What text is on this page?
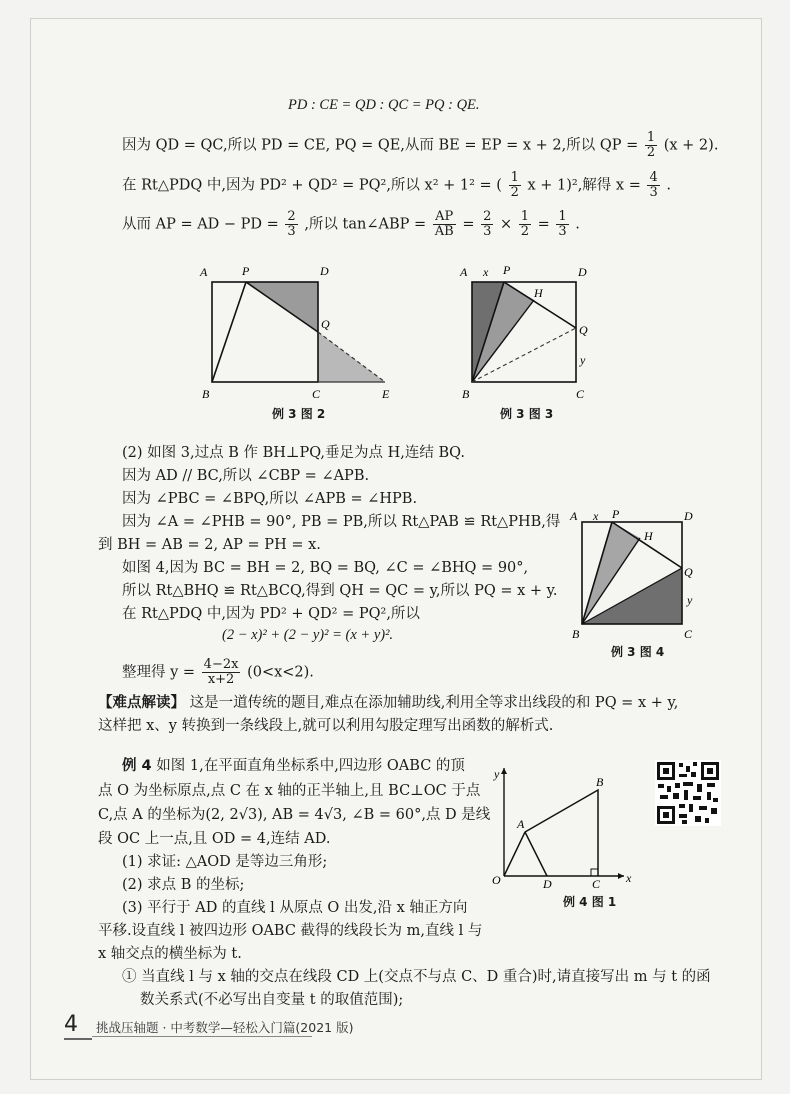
PD : CE = QD : QC = PQ : QE.
因为 QD = QC,所以 PD = CE, PQ = QE,从而 BE = EP = x + 2,所以 QP = $\frac{1}{2} (x + 2)$.
在 Rt△PDQ 中,因为 PD² + QD² = PQ²,所以 x² + 1² = ( $\frac{1}{2}$ x + 1)²,解得 $x = \frac{4}{3}$ .
从而 AP = AD − PD = $\frac{2}{3}$ ,所以 tan∠ABP = $\frac{AP}{AB} = \frac{2}{3} \times \frac{1}{2} = \frac{1}{3}$ .
A	P	D
Q
B	C	E
例 3 图 2
A x P	D
H
Q
y
B	C
例 3 图 3
(2) 如图 3,过点 B 作 BH⊥PQ,垂足为点 H,连结 BQ.
因为 AD // BC,所以 ∠CBP = ∠APB.
因为 ∠PBC = ∠BPQ,所以 ∠APB = ∠HPB.
因为 ∠A = ∠PHB = 90°, PB = PB,所以 Rt△PAB ≌ Rt△PHB,得
到 BH = AB = 2, AP = PH = x.
如图 4,因为 BC = BH = 2, BQ = BQ, ∠C = ∠BHQ = 90°,
所以 Rt△BHQ ≌ Rt△BCQ,得到 QH = QC = y,所以 PQ = x + y.
在 Rt△PDQ 中,因为 PD² + QD² = PQ²,所以
(2 − x)² + (2 − y)² = (x + y)².
整理得 $y = \frac{4-2x}{x+2} (0<x<2)$.
A x P	D
H
Q
y
B	C
例 3 图 4
【难点解读】 这是一道传统的题目,难点在添加辅助线,利用全等求出线段的和 PQ = x + y,
这样把 x、y 转换到一条线段上,就可以利用勾股定理写出函数的解析式.
例 4 如图 1,在平面直角坐标系中,四边形 OABC 的顶
点 O 为坐标原点,点 C 在 x 轴的正半轴上,且 BC⊥OC 于点
C,点 A 的坐标为(2, 2√3), AB = 4√3, ∠B = 60°,点 D 是线
段 OC 上一点,且 OD = 4,连结 AD.
(1) 求证: △AOD 是等边三角形;
(2) 求点 B 的坐标;
(3) 平行于 AD 的直线 l 从原点 O 出发,沿 x 轴正方向
平移.设直线 l 被四边形 OABC 截得的线段长为 m,直线 l 与
x 轴交点的横坐标为 t.
① 当直线 l 与 x 轴的交点在线段 CD 上(交点不与点 C、D 重合)时,请直接写出 m 与 t 的函
数关系式(不必写出自变量 t 的取值范围);
y
x
O
A
B
D	C
例 4 图 1
4	挑战压轴题 · 中考数学—轻松入门篇(2021 版)
